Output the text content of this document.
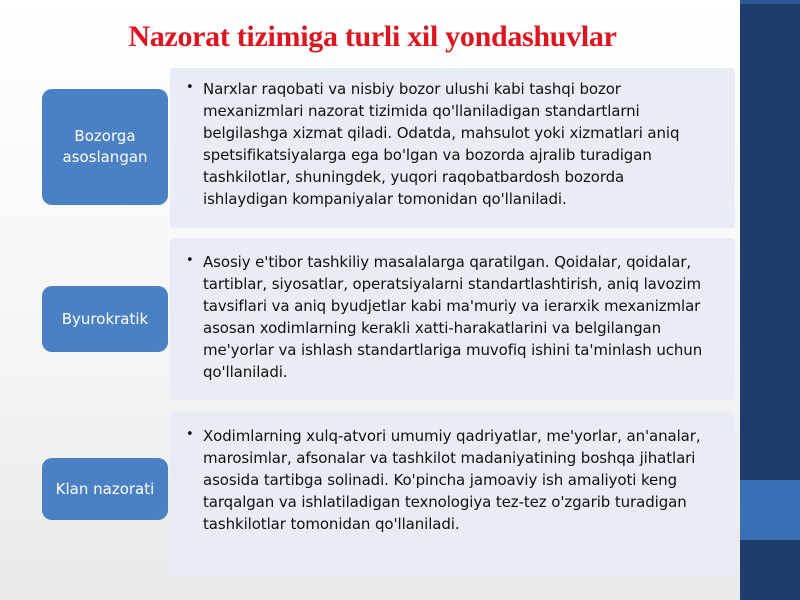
Nazorat tizimiga turli xil yondashuvlar
• Narxlar raqobati va nisbiy bozor ulushi kabi tashqi bozor mexanizmlari nazorat tizimida qo'llaniladigan standartlarni belgilashga xizmat qiladi. Odatda, mahsulot yoki xizmatlari aniq spetsifikatsiyalarga ega bo'lgan va bozorda ajralib turadigan tashkilotlar, shuningdek, yuqori raqobatbardosh bozorda ishlaydigan kompaniyalar tomonidan qo'llaniladi.
Bozorga asoslangan
• Asosiy e'tibor tashkiliy masalalarga qaratilgan. Qoidalar, qoidalar, tartiblar, siyosatlar, operatsiyalarni standartlashtirish, aniq lavozim tavsiflari va aniq byudjetlar kabi ma'muriy va ierarxik mexanizmlar asosan xodimlarning kerakli xatti-harakatlarini va belgilangan me'yorlar va ishlash standartlariga muvofiq ishini ta'minlash uchun qo'llaniladi.
Byurokratik
• Xodimlarning xulq-atvori umumiy qadriyatlar, me'yorlar, an'analar, marosimlar, afsonalar va tashkilot madaniyatining boshqa jihatlari asosida tartibga solinadi. Ko'pincha jamoaviy ish amaliyoti keng tarqalgan va ishlatiladigan texnologiya tez-tez o'zgarib turadigan tashkilotlar tomonidan qo'llaniladi.
Klan nazorati
